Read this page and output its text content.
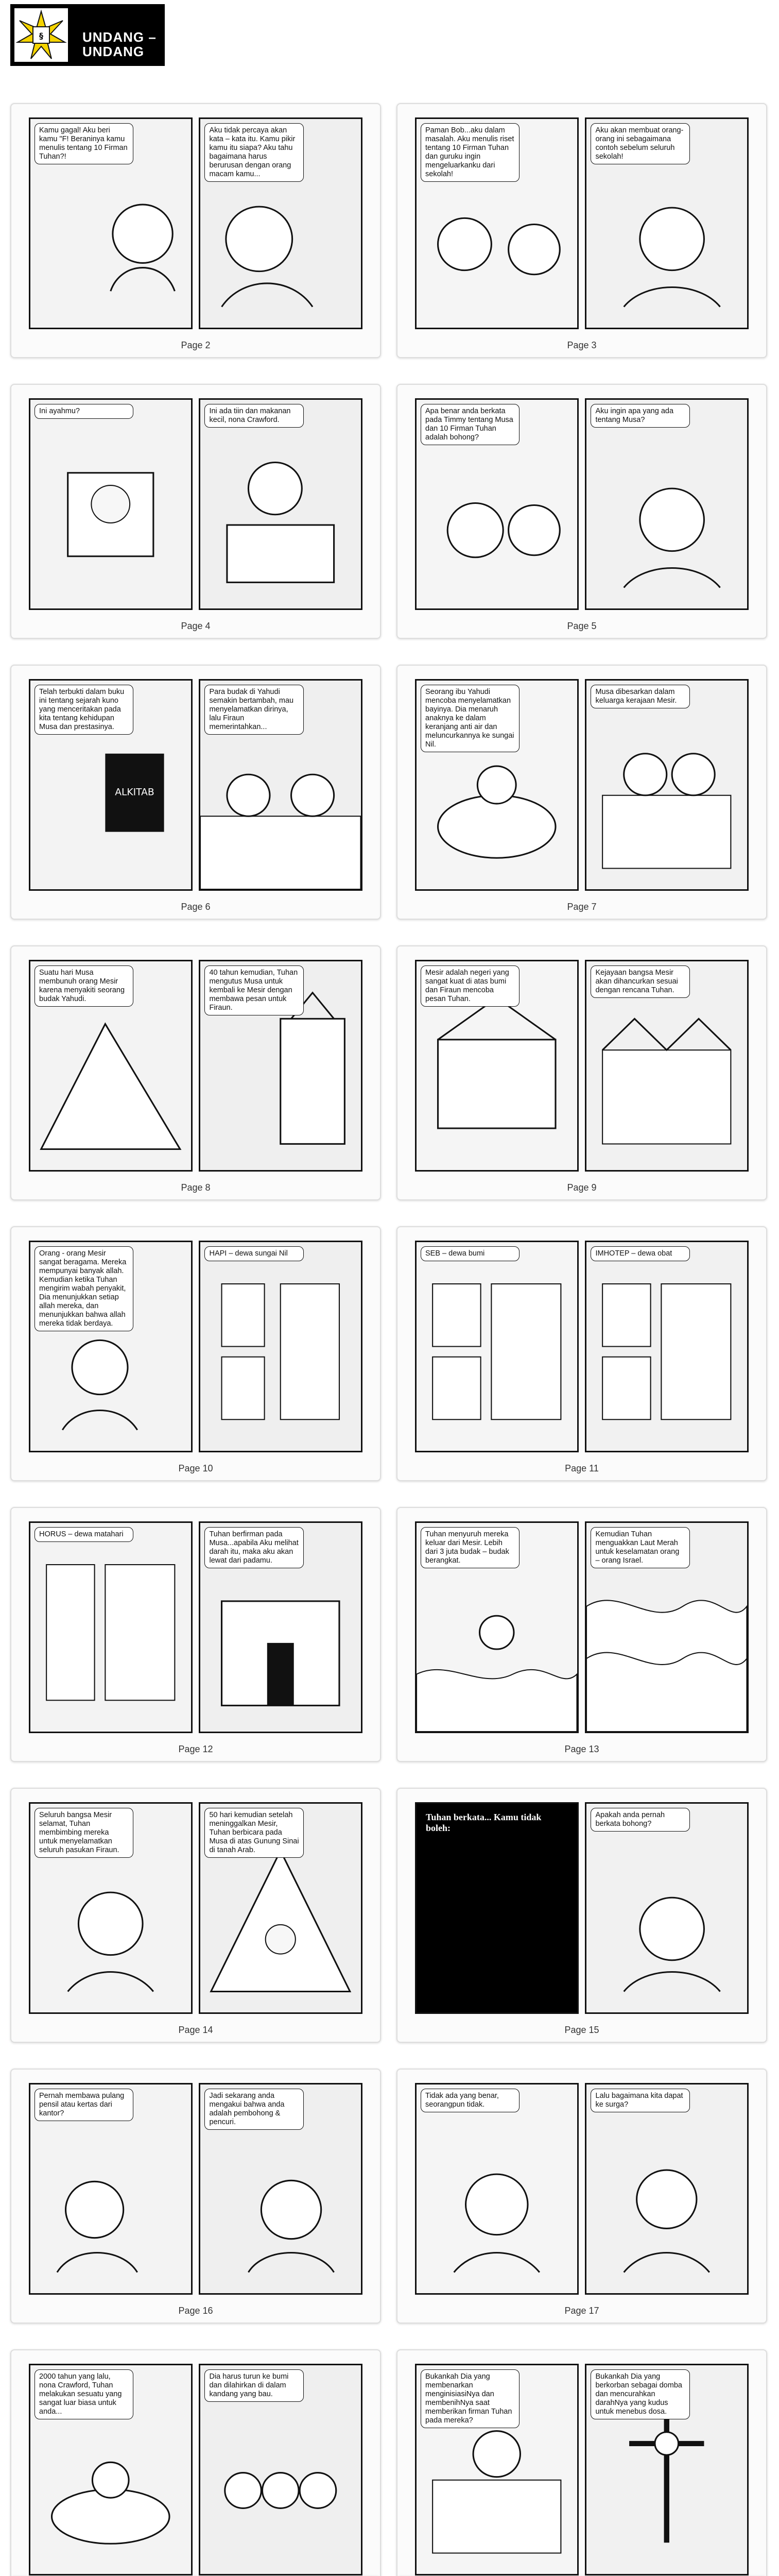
§	UNDANG – UNDANG
Kamu gagal! Aku beri kamu "F! Beraninya kamu menulis tentang 10 Firman Tuhan?!
Aku tidak percaya akan kata – kata itu. Kamu pikir kamu itu siapa? Aku tahu bagaimana harus berurusan dengan orang macam kamu...
Page 2
Paman Bob...aku dalam masalah. Aku menulis riset tentang 10 Firman Tuhan dan guruku ingin mengeluarkanku dari sekolah!
Aku akan membuat orang-orang ini sebagaimana contoh sebelum seluruh sekolah!
Page 3
Ini ayahmu?	Ini ada tiin dan makanan kecil, nona Crawford.
Page 4
Apa benar anda berkata pada Timmy tentang Musa dan 10 Firman Tuhan adalah bohong?
Aku ingin apa yang ada tentang Musa?
Page 5
ALKITAB
Telah terbukti dalam buku ini tentang sejarah kuno yang menceritakan pada kita tentang kehidupan Musa dan prestasinya.
Para budak di Yahudi semakin bertambah, mau menyelamatkan dirinya, lalu Firaun memerintahkan...
Page 6
Seorang ibu Yahudi mencoba menyelamatkan bayinya. Dia menaruh anaknya ke dalam keranjang anti air dan meluncurkannya ke sungai Nil.
Musa dibesarkan dalam keluarga kerajaan Mesir.
Page 7
Suatu hari Musa membunuh orang Mesir karena menyakiti seorang budak Yahudi.
40 tahun kemudian, Tuhan mengutus Musa untuk kembali ke Mesir dengan membawa pesan untuk Firaun.
Page 8
Mesir adalah negeri yang sangat kuat di atas bumi dan Firaun mencoba pesan Tuhan.
Kejayaan bangsa Mesir akan dihancurkan sesuai dengan rencana Tuhan.
Page 9
Orang - orang Mesir sangat beragama. Mereka mempunyai banyak allah. Kemudian ketika Tuhan mengirim wabah penyakit, Dia menunjukkan setiap allah mereka, dan menunjukkan bahwa allah mereka tidak berdaya.
HAPI – dewa sungai Nil
Page 10
SEB – dewa bumi	IMHOTEP – dewa obat
Page 11
HORUS – dewa matahari	Tuhan berfirman pada Musa...apabila Aku melihat darah itu, maka aku akan lewat dari padamu.
Page 12
Tuhan menyuruh mereka keluar dari Mesir. Lebih dari 3 juta budak – budak berangkat.
Kemudian Tuhan menguakkan Laut Merah untuk keselamatan orang – orang Israel.
Page 13
Seluruh bangsa Mesir selamat, Tuhan membimbing mereka untuk menyelamatkan seluruh pasukan Firaun.
50 hari kemudian setelah meninggalkan Mesir, Tuhan berbicara pada Musa di atas Gunung Sinai di tanah Arab.
Page 14
Tuhan berkata... Kamu tidak boleh:

Apakah anda pernah berkata bohong?
Page 15
Pernah membawa pulang pensil atau kertas dari kantor?
Jadi sekarang anda mengakui bahwa anda adalah pembohong & pencuri.
Page 16
Tidak ada yang benar, seorangpun tidak.
Lalu bagaimana kita dapat ke surga?
Page 17
2000 tahun yang lalu, nona Crawford, Tuhan melakukan sesuatu yang sangat luar biasa untuk anda...
Dia harus turun ke bumi dan dilahirkan di dalam kandang yang bau.
Bukankah Dia yang membenarkan menginisiasiNya dan membenihNya saat memberikan firman Tuhan pada mereka?
Bukankah Dia yang berkorban sebagai domba dan mencurahkan darahNya yang kudus untuk menebus dosa.
